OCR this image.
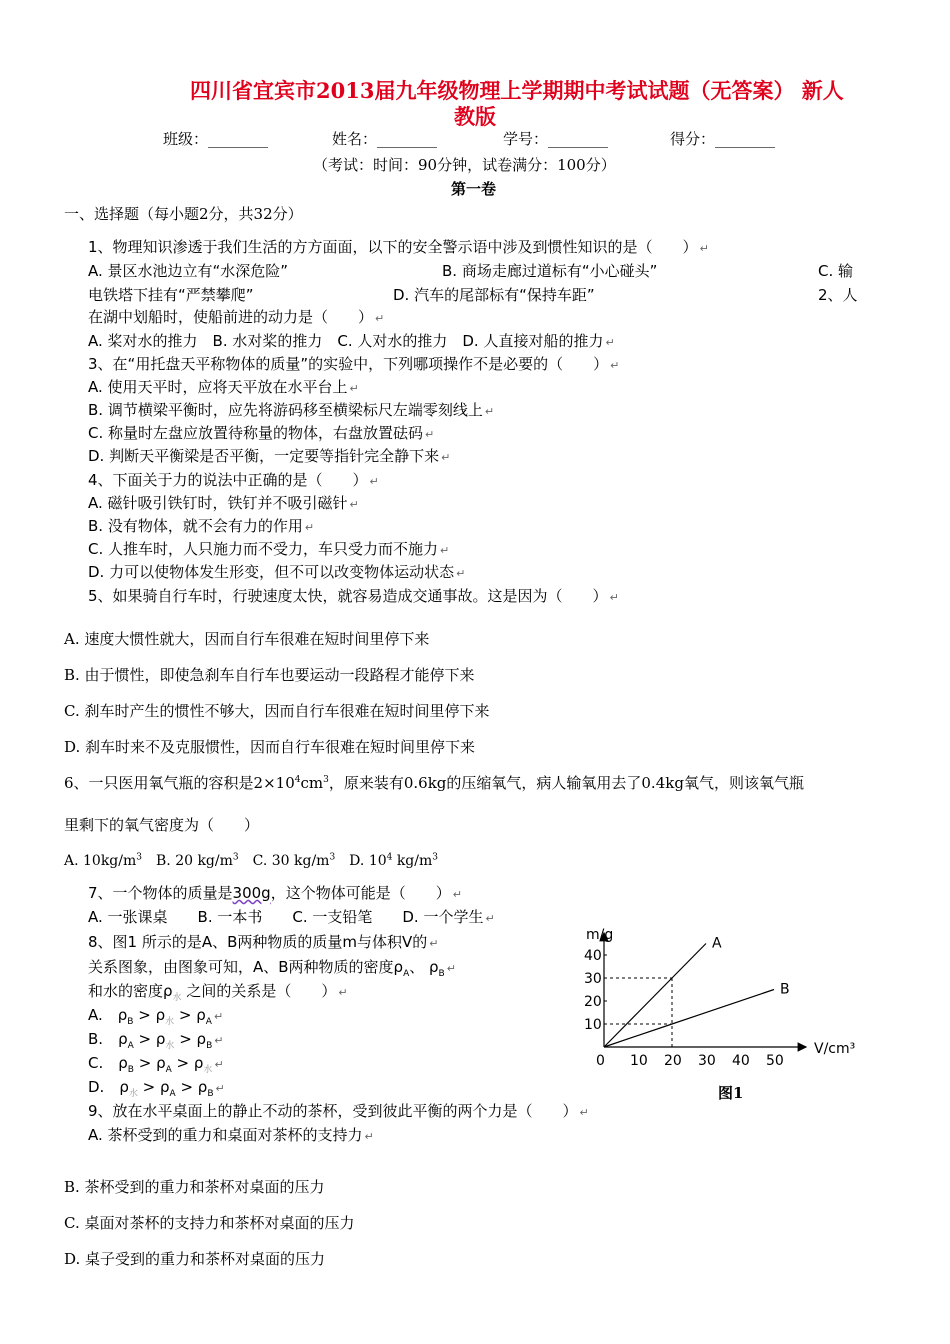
四川省宜宾市2013届九年级物理上学期期中考试试题（无答案） 新人
教版
班级：________	姓名：________	学号：________	得分：________
（考试：时间：90分钟，试卷满分：100分）
第一卷
一、选择题（每小题2分，共32分）
1、物理知识渗透于我们生活的方方面面，以下的安全警示语中涉及到惯性知识的是（　　） ↵
A. 景区水池边立有“水深危险”	B. 商场走廊过道标有“小心碰头”	C. 输
电铁塔下挂有“严禁攀爬”	D. 汽车的尾部标有“保持车距”	2、人
在湖中划船时，使船前进的动力是（　　） ↵
A. 桨对水的推力　B. 水对桨的推力　C. 人对水的推力　D. 人直接对船的推力 ↵
3、在“用托盘天平称物体的质量”的实验中，下列哪项操作不是必要的（　　） ↵
A. 使用天平时，应将天平放在水平台上 ↵
B. 调节横梁平衡时，应先将游码移至横梁标尺左端零刻线上 ↵
C. 称量时左盘应放置待称量的物体，右盘放置砝码 ↵
D. 判断天平衡梁是否平衡，一定要等指针完全静下来 ↵
4、下面关于力的说法中正确的是（　　） ↵
A. 磁针吸引铁钉时，铁钉并不吸引磁针 ↵
B. 没有物体，就不会有力的作用 ↵
C. 人推车时，人只施力而不受力，车只受力而不施力 ↵
D. 力可以使物体发生形变，但不可以改变物体运动状态 ↵
5、如果骑自行车时，行驶速度太快，就容易造成交通事故。这是因为（　　） ↵
A. 速度大惯性就大，因而自行车很难在短时间里停下来
B. 由于惯性，即使急刹车自行车也要运动一段路程才能停下来
C. 刹车时产生的惯性不够大，因而自行车很难在短时间里停下来
D. 刹车时来不及克服惯性，因而自行车很难在短时间里停下来
6、一只医用氧气瓶的容积是$2\times 10^4cm^3$，原来装有0.6kg的压缩氧气，病人输氧用去了0.4kg氧气，则该氧气瓶
里剩下的氧气密度为（　　）
A. $10kg/m^3$　B. 20 $kg/m^3$　C. 30 $kg/m^3$　D. $10^4$ $kg/m^3$
7、一个物体的质量是300g，这个物体可能是（　　） ↵
A. 一张课桌　　B. 一本书　　C. 一支铅笔　　D. 一个学生 ↵
8、图1 所示的是A、B两种物质的质量m与体积V的 ↵
关系图象，由图象可知，A、B两种物质的密度$\rho_A$、 $\rho_B$ ↵
和水的密度$\rho_水$ 之间的关系是（　　） ↵
A.　$\rho_B > \rho_水 > \rho_A$ ↵
B.　$\rho_A > \rho_水 > \rho_B$ ↵
C.　$\rho_B > \rho_A > \rho_水$ ↵
D.　$\rho_水 > \rho_A > \rho_B$ ↵
9、放在水平桌面上的静止不动的茶杯，受到彼此平衡的两个力是（　　） ↵
A. 茶杯受到的重力和桌面对茶杯的支持力 ↵
B. 茶杯受到的重力和茶杯对桌面的压力
C. 桌面对茶杯的支持力和茶杯对桌面的压力
D. 桌子受到的重力和茶杯对桌面的压力
m/g
V/cm³
0 10 20 30 40 50
10
20
30
40
A
B
图1
